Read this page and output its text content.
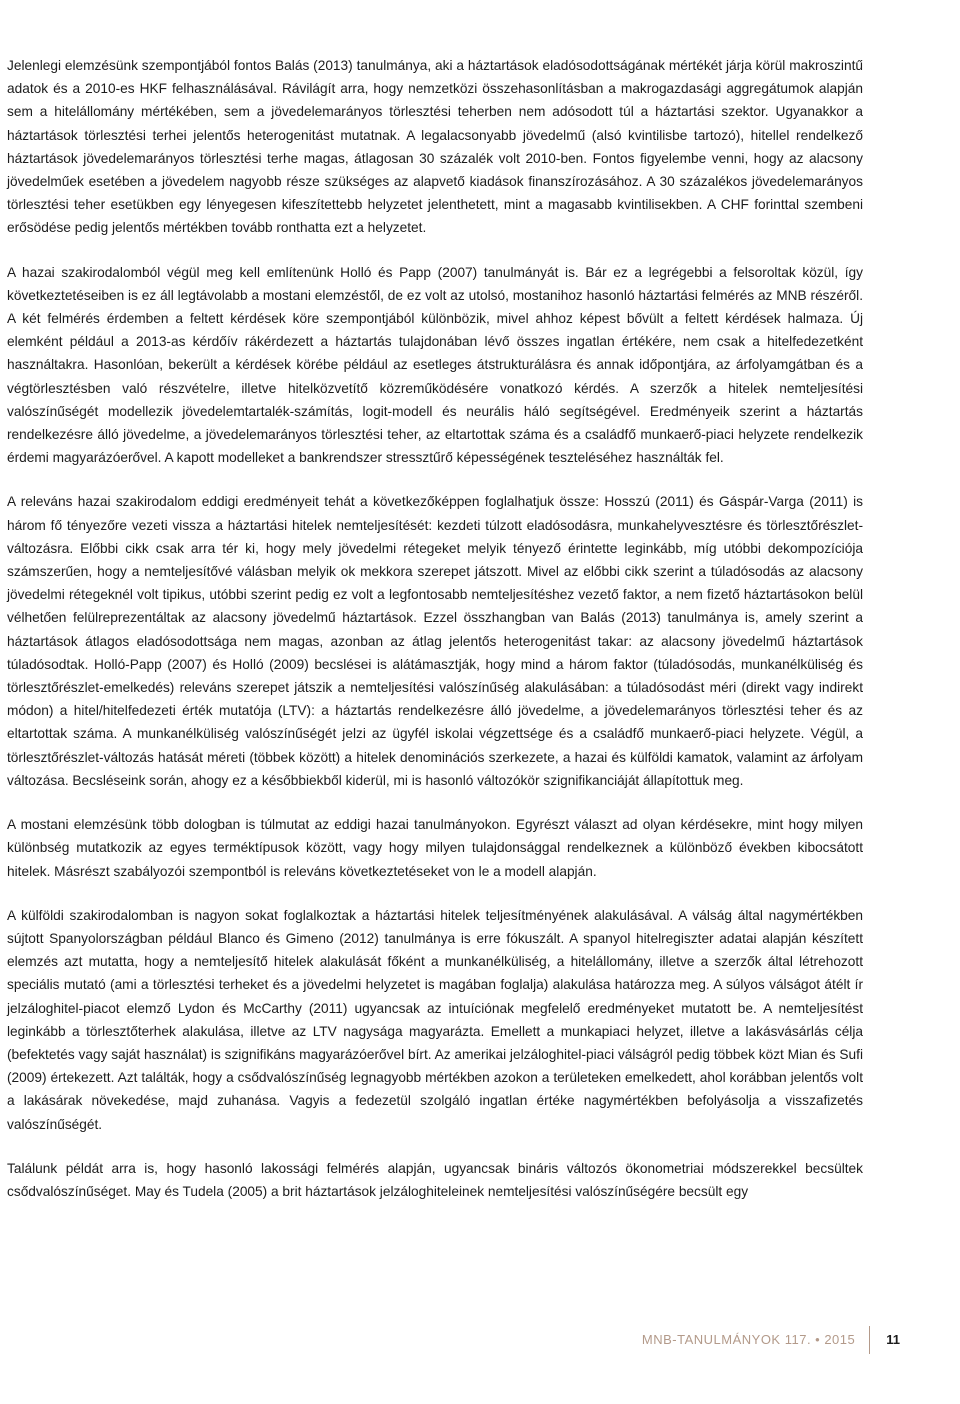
Jelenlegi elemzésünk szempontjából fontos Balás (2013) tanulmánya, aki a háztartások eladósodottságának mértékét járja körül makroszintű adatok és a 2010-es HKF felhasználásával. Rávilágít arra, hogy nemzetközi összehasonlításban a makrogazdasági aggregátumok alapján sem a hitelállomány mértékében, sem a jövedelemarányos törlesztési teherben nem adósodott túl a háztartási szektor. Ugyanakkor a háztartások törlesztési terhei jelentős heterogenitást mutatnak. A legalacsonyabb jövedelmű (alsó kvintilisbe tartozó), hitellel rendelkező háztartások jövedelemarányos törlesztési terhe magas, átlagosan 30 százalék volt 2010-ben. Fontos figyelembe venni, hogy az alacsony jövedelműek esetében a jövedelem nagyobb része szükséges az alapvető kiadások finanszírozásához. A 30 százalékos jövedelemarányos törlesztési teher esetükben egy lényegesen kifeszítettebb helyzetet jelenthetett, mint a magasabb kvintilisekben. A CHF forinttal szembeni erősödése pedig jelentős mértékben tovább ronthatta ezt a helyzetet.

A hazai szakirodalomból végül meg kell említenünk Holló és Papp (2007) tanulmányát is. Bár ez a legrégebbi a felsoroltak közül, így következtetéseiben is ez áll legtávolabb a mostani elemzéstől, de ez volt az utolsó, mostanihoz hasonló háztartási felmérés az MNB részéről. A két felmérés érdemben a feltett kérdések köre szempontjából különbözik, mivel ahhoz képest bővült a feltett kérdések halmaza. Új elemként például a 2013-as kérdőív rákérdezett a háztartás tulajdonában lévő összes ingatlan értékére, nem csak a hitelfedezetként használtakra. Hasonlóan, bekerült a kérdések körébe például az esetleges átstrukturálásra és annak időpontjára, az árfolyamgátban és a végtörlesztésben való részvételre, illetve hitelközvetítő közreműködésére vonatkozó kérdés. A szerzők a hitelek nemteljesítési valószínűségét modellezik jövedelemtartalék-számítás, logit-modell és neurális háló segítségével. Eredményeik szerint a háztartás rendelkezésre álló jövedelme, a jövedelemarányos törlesztési teher, az eltartottak száma és a családfő munkaerő-piaci helyzete rendelkezik érdemi magyarázóerővel. A kapott modelleket a bankrendszer stressztűrő képességének teszteléséhez használták fel.

A releváns hazai szakirodalom eddigi eredményeit tehát a következőképpen foglalhatjuk össze: Hosszú (2011) és Gáspár-Varga (2011) is három fő tényezőre vezeti vissza a háztartási hitelek nemteljesítését: kezdeti túlzott eladósodásra, munkahelyvesztésre és törlesztőrészlet-változásra. Előbbi cikk csak arra tér ki, hogy mely jövedelmi rétegeket melyik tényező érintette leginkább, míg utóbbi dekompozíciója számszerűen, hogy a nemteljesítővé válásban melyik ok mekkora szerepet játszott. Mivel az előbbi cikk szerint a túladósodás az alacsony jövedelmi rétegeknél volt tipikus, utóbbi szerint pedig ez volt a legfontosabb nemteljesítéshez vezető faktor, a nem fizető háztartásokon belül vélhetően felülreprezentáltak az alacsony jövedelmű háztartások. Ezzel összhangban van Balás (2013) tanulmánya is, amely szerint a háztartások átlagos eladósodottsága nem magas, azonban az átlag jelentős heterogenitást takar: az alacsony jövedelmű háztartások túladósodtak. Holló-Papp (2007) és Holló (2009) becslései is alátámasztják, hogy mind a három faktor (túladósodás, munkanélküliség és törlesztőrészlet-emelkedés) releváns szerepet játszik a nemteljesítési valószínűség alakulásában: a túladósodást méri (direkt vagy indirekt módon) a hitel/hitelfedezeti érték mutatója (LTV): a háztartás rendelkezésre álló jövedelme, a jövedelemarányos törlesztési teher és az eltartottak száma. A munkanélküliség valószínűségét jelzi az ügyfél iskolai végzettsége és a családfő munkaerő-piaci helyzete. Végül, a törlesztőrészlet-változás hatását méreti (többek között) a hitelek denominációs szerkezete, a hazai és külföldi kamatok, valamint az árfolyam változása. Becsléseink során, ahogy ez a későbbiekből kiderül, mi is hasonló változókör szignifikanciáját állapítottuk meg.

A mostani elemzésünk több dologban is túlmutat az eddigi hazai tanulmányokon. Egyrészt választ ad olyan kérdésekre, mint hogy milyen különbség mutatkozik az egyes terméktípusok között, vagy hogy milyen tulajdonsággal rendelkeznek a különböző években kibocsátott hitelek. Másrészt szabályozói szempontból is releváns következtetéseket von le a modell alapján.

A külföldi szakirodalomban is nagyon sokat foglalkoztak a háztartási hitelek teljesítményének alakulásával. A válság által nagymértékben sújtott Spanyolországban például Blanco és Gimeno (2012) tanulmánya is erre fókuszált. A spanyol hitelregiszter adatai alapján készített elemzés azt mutatta, hogy a nemteljesítő hitelek alakulását főként a munkanélküliség, a hitelállomány, illetve a szerzők által létrehozott speciális mutató (ami a törlesztési terheket és a jövedelmi helyzetet is magában foglalja) alakulása határozza meg. A súlyos válságot átélt ír jelzáloghitel-piacot elemző Lydon és McCarthy (2011) ugyancsak az intuíciónak megfelelő eredményeket mutatott be. A nemteljesítést leginkább a törlesztőterhek alakulása, illetve az LTV nagysága magyarázta. Emellett a munkapiaci helyzet, illetve a lakásvásárlás célja (befektetés vagy saját használat) is szignifikáns magyarázóerővel bírt. Az amerikai jelzáloghitel-piaci válságról pedig többek közt Mian és Sufi (2009) értekezett. Azt találták, hogy a csődvalószínűség legnagyobb mértékben azokon a területeken emelkedett, ahol korábban jelentős volt a lakásárak növekedése, majd zuhanása. Vagyis a fedezetül szolgáló ingatlan értéke nagymértékben befolyásolja a visszafizetés valószínűségét.

Találunk példát arra is, hogy hasonló lakossági felmérés alapján, ugyancsak bináris változós ökonometriai módszerekkel becsültek csődvalószínűséget. May és Tudela (2005) a brit háztartások jelzáloghiteleinek nemteljesítési valószínűségére becsült egy

MNB-TANULMÁNYOK 117. • 2015	11
